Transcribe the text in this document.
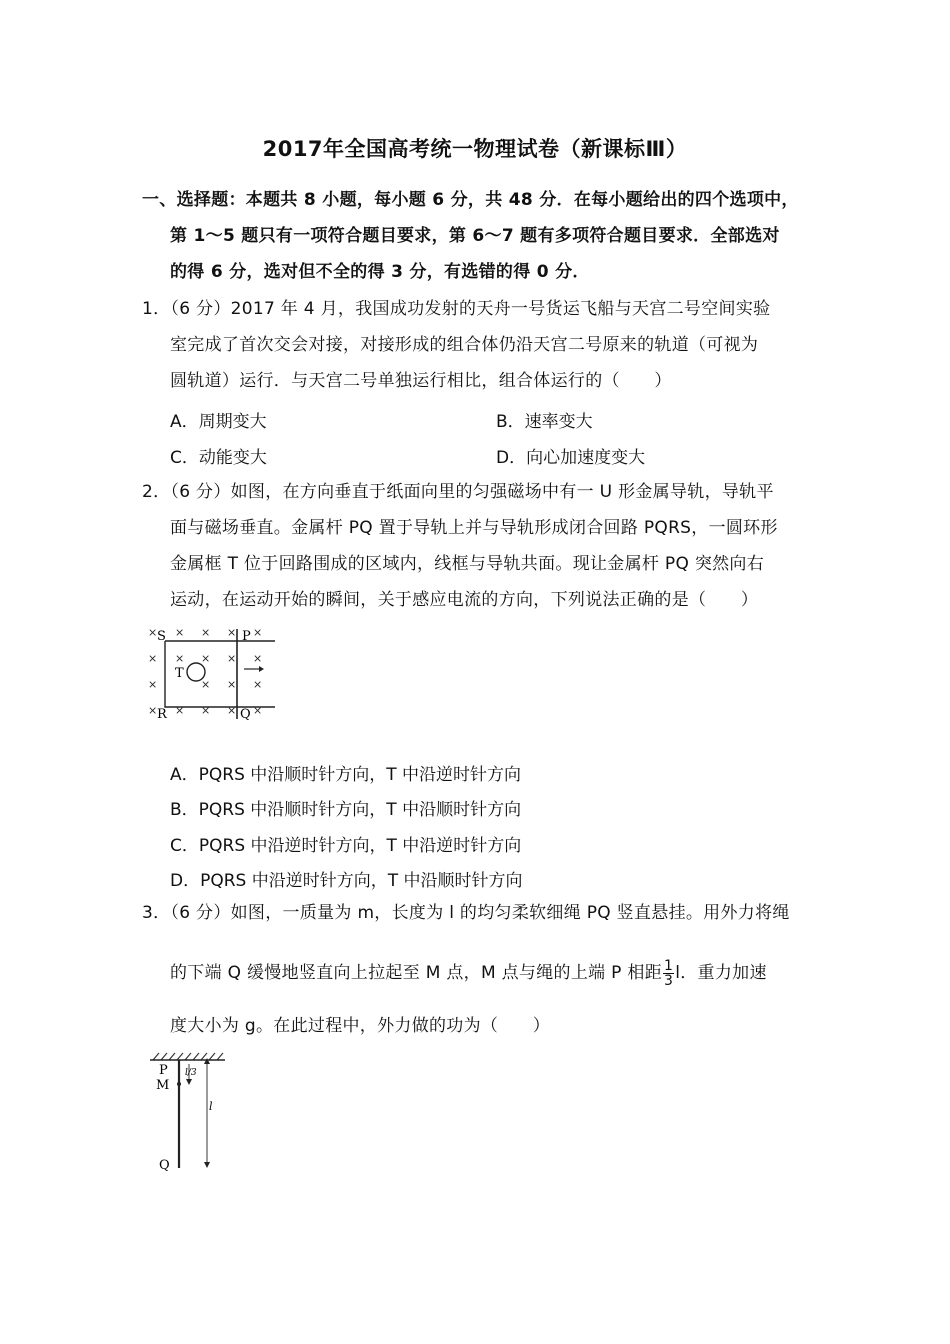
2017年全国高考统一物理试卷（新课标Ⅲ）
一、选择题：本题共 8 小题，每小题 6 分，共 48 分．在每小题给出的四个选项中，
第 1～5 题只有一项符合题目要求，第 6～7 题有多项符合题目要求．全部选对
的得 6 分，选对但不全的得 3 分，有选错的得 0 分．
1．（6 分）2017 年 4 月，我国成功发射的天舟一号货运飞船与天宫二号空间实验
室完成了首次交会对接，对接形成的组合体仍沿天宫二号原来的轨道（可视为
圆轨道）运行．与天宫二号单独运行相比，组合体运行的（　　）
A．周期变大	B．速率变大
C．动能变大	D．向心加速度变大
2．（6 分）如图，在方向垂直于纸面向里的匀强磁场中有一 U 形金属导轨，导轨平
面与磁场垂直。金属杆 PQ 置于导轨上并与导轨形成闭合回路 PQRS，一圆环形
金属框 T 位于回路围成的区域内，线框与导轨共面。现让金属杆 PQ 突然向右
运动，在运动开始的瞬间，关于感应电流的方向，下列说法正确的是（　　）
× × × × ×
× × × × ×
×	× × ×
× × × × ×
S	P
R	Q
T
A．PQRS 中沿顺时针方向，T 中沿逆时针方向
B．PQRS 中沿顺时针方向，T 中沿顺时针方向
C．PQRS 中沿逆时针方向，T 中沿逆时针方向
D．PQRS 中沿逆时针方向，T 中沿顺时针方向
3．（6 分）如图，一质量为 m，长度为 l 的均匀柔软细绳 PQ 竖直悬挂。用外力将绳
的下端 Q 缓慢地竖直向上拉起至 M 点，M 点与绳的上端 P 相距 $\frac{1}{3}$ l．重力加速
度大小为 g。在此过程中，外力做的功为（　　）
P
M
Q
l/3
l
